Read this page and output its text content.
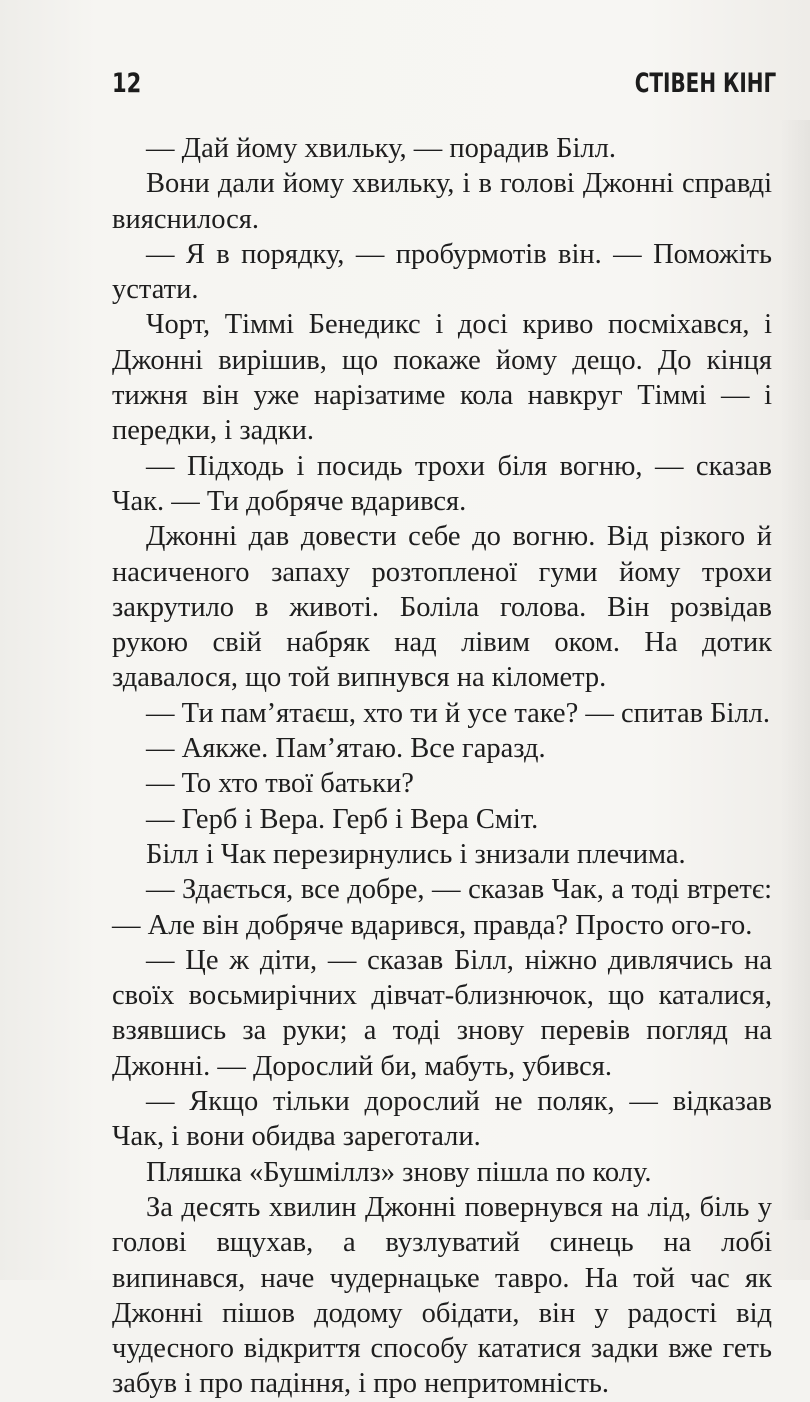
12	СТІВЕН КІНГ

— Дай йому хвильку, — порадив Білл.

Вони дали йому хвильку, і в голові Джонні справді вияснилося.

— Я в порядку, — пробурмотів він. — Поможіть устати.

Чорт, Тіммі Бенедикс і досі криво посміхався, і Джонні вирішив, що покаже йому дещо. До кінця тижня він уже нарізатиме кола навкруг Тіммі — і передки, і задки.

— Підходь і посидь трохи біля вогню, — сказав Чак. — Ти добряче вдарився.

Джонні дав довести себе до вогню. Від різкого й насиченого запаху розтопленої гуми йому трохи закрутило в животі. Боліла голова. Він розвідав рукою свій набряк над лівим оком. На дотик здавалося, що той випнувся на кілометр.

— Ти пам’ятаєш, хто ти й усе таке? — спитав Білл.

— Аякже. Пам’ятаю. Все гаразд.

— То хто твої батьки?

— Герб і Вера. Герб і Вера Сміт.

Білл і Чак перезирнулись і знизали плечима.

— Здається, все добре, — сказав Чак, а тоді втретє: — Але він добряче вдарився, правда? Просто ого-го.

— Це ж діти, — сказав Білл, ніжно дивлячись на своїх восьмирічних дівчат-близнючок, що каталися, взявшись за руки; а тоді знову перевів погляд на Джонні. — Дорослий би, мабуть, убився.

— Якщо тільки дорослий не поляк, — відказав Чак, і вони обидва зареготали.

Пляшка «Бушміллз» знову пішла по колу.

За десять хвилин Джонні повернувся на лід, біль у голові вщухав, а вузлуватий синець на лобі випинався, наче чудернацьке тавро. На той час як Джонні пішов додому обідати, він у радості від чудесного відкриття способу кататися задки вже геть забув і про падіння, і про непритомність.
